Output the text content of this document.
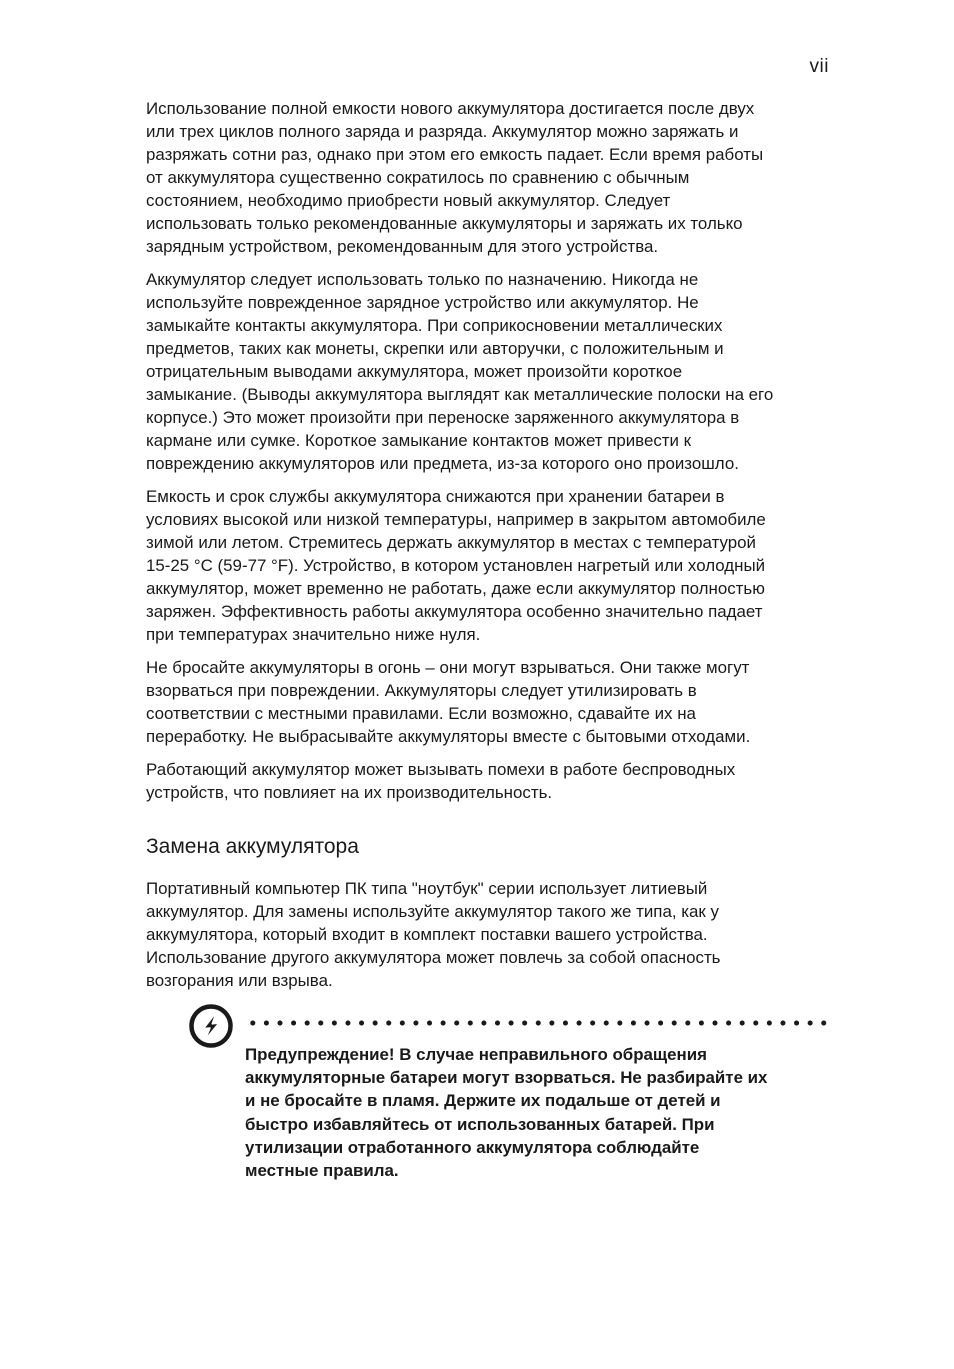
vii

Использование полной емкости нового аккумулятора достигается после двух
или трех циклов полного заряда и разряда. Аккумулятор можно заряжать и
разряжать сотни раз, однако при этом его емкость падает. Если время работы
от аккумулятора существенно сократилось по сравнению с обычным
состоянием, необходимо приобрести новый аккумулятор. Следует
использовать только рекомендованные аккумуляторы и заряжать их только
зарядным устройством, рекомендованным для этого устройства.

Аккумулятор следует использовать только по назначению. Никогда не
используйте поврежденное зарядное устройство или аккумулятор. Не
замыкайте контакты аккумулятора. При соприкосновении металлических
предметов, таких как монеты, скрепки или авторучки, с положительным и
отрицательным выводами аккумулятора, может произойти короткое
замыкание. (Выводы аккумулятора выглядят как металлические полоски на его
корпусе.) Это может произойти при переноске заряженного аккумулятора в
кармане или сумке. Короткое замыкание контактов может привести к
повреждению аккумуляторов или предмета, из-за которого оно произошло.

Емкость и срок службы аккумулятора снижаются при хранении батареи в
условиях высокой или низкой температуры, например в закрытом автомобиле
зимой или летом. Стремитесь держать аккумулятор в местах с температурой
15-25 °C (59-77 °F). Устройство, в котором установлен нагретый или холодный
аккумулятор, может временно не работать, даже если аккумулятор полностью
заряжен. Эффективность работы аккумулятора особенно значительно падает
при температурах значительно ниже нуля.

Не бросайте аккумуляторы в огонь – они могут взрываться. Они также могут
взорваться при повреждении. Аккумуляторы следует утилизировать в
соответствии с местными правилами. Если возможно, сдавайте их на
переработку. Не выбрасывайте аккумуляторы вместе с бытовыми отходами.

Работающий аккумулятор может вызывать помехи в работе беспроводных
устройств, что повлияет на их производительность.

Замена аккумулятора

Портативный компьютер ПК типа "ноутбук" серии использует литиевый
аккумулятор. Для замены используйте аккумулятор такого же типа, как у
аккумулятора, который входит в комплект поставки вашего устройства.
Использование другого аккумулятора может повлечь за собой опасность
возгорания или взрыва.

Предупреждение! В случае неправильного обращения
аккумуляторные батареи могут взорваться. Не разбирайте их
и не бросайте в пламя. Держите их подальше от детей и
быстро избавляйтесь от использованных батарей. При
утилизации отработанного аккумулятора соблюдайте
местные правила.
